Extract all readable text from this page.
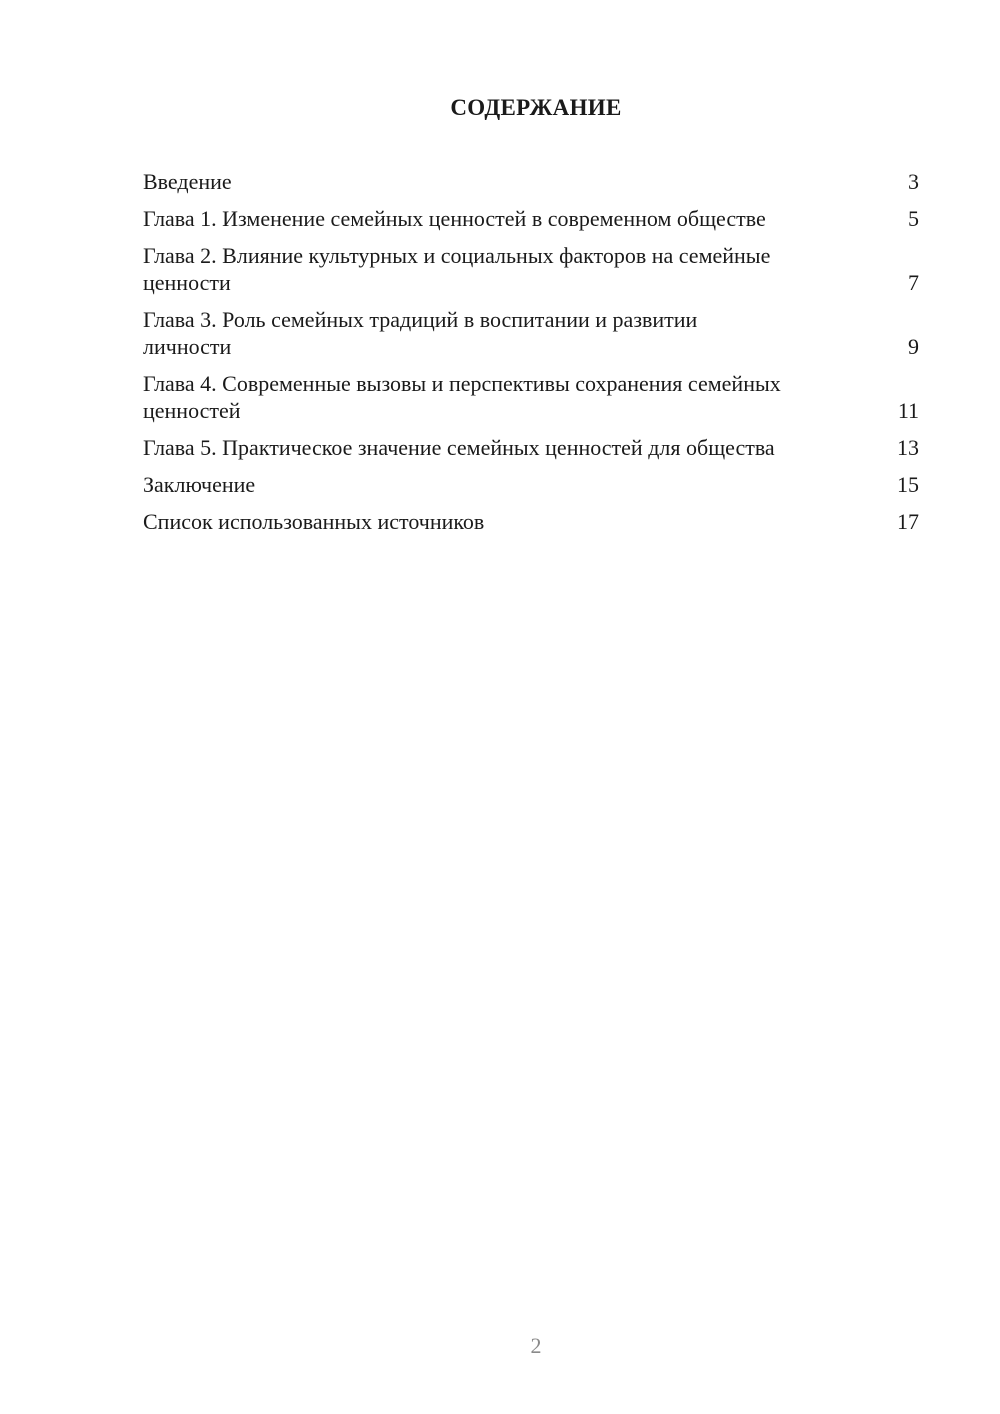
СОДЕРЖАНИЕ
Введение	3
Глава 1. Изменение семейных ценностей в современном обществе	5
Глава 2. Влияние культурных и социальных факторов на семейные ценности	7
Глава 3. Роль семейных традиций в воспитании и развитии личности	9
Глава 4. Современные вызовы и перспективы сохранения семейных ценностей	11
Глава 5. Практическое значение семейных ценностей для общества	13
Заключение	15
Список использованных источников	17
2
